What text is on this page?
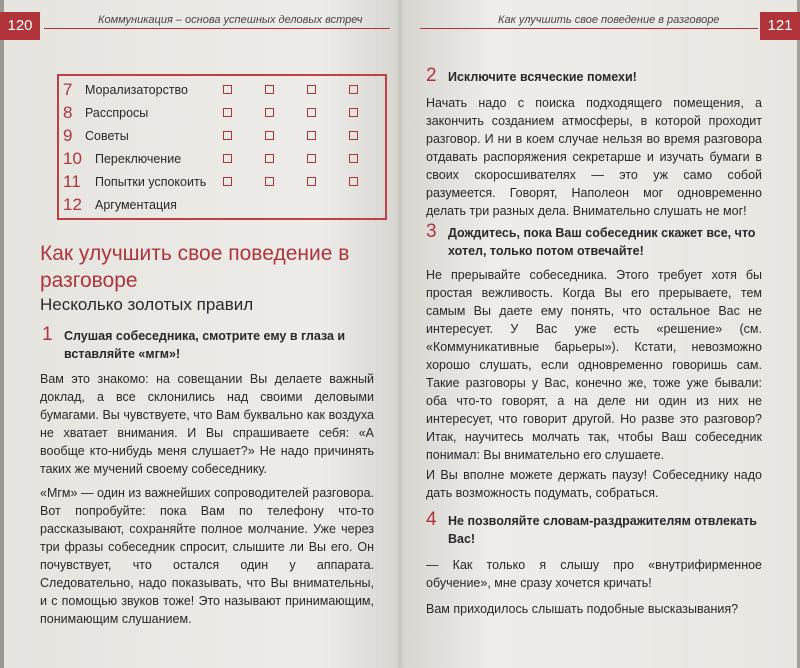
120	Коммуникация – основа успешных деловых встреч
7 Морализаторство
8 Расспросы
9 Советы
10 Переключение
11 Попытки успокоить
12 Аргументация
Как улучшить свое поведение в разговоре
Несколько золотых правил
1 Слушая собеседника, смотрите ему в глаза и вставляйте «мгм»!
Вам это знакомо: на совещании Вы делаете важный доклад, а все склонились над своими деловыми бумагами. Вы чувствуете, что Вам буквально как воздуха не хватает внимания. И Вы спрашиваете себя: «А вообще кто-нибудь меня слушает?» Не надо причинять таких же мучений своему собеседнику.
«Мгм» — один из важнейших сопроводителей разговора. Вот попробуйте: пока Вам по телефону что-то рассказывают, сохраняйте полное молчание. Уже через три фразы собеседник спросит, слышите ли Вы его. Он почувствует, что остался один у аппарата. Следовательно, надо показывать, что Вы внимательны, и с помощью звуков тоже! Это называют принимающим, понимающим слушанием.
121
Как улучшить свое поведение в разговоре
2 Исключите всяческие помехи!
Начать надо с поиска подходящего помещения, а закончить созданием атмосферы, в которой проходит разговор. И ни в коем случае нельзя во время разговора отдавать распоряжения секретарше и изучать бумаги в своих скоросшивателях — это уж само собой разумеется. Говорят, Наполеон мог одновременно делать три разных дела. Внимательно слушать не мог!
3 Дождитесь, пока Ваш собеседник скажет все, что хотел, только потом отвечайте!
Не прерывайте собеседника. Этого требует хотя бы простая вежливость. Когда Вы его прерываете, тем самым Вы даете ему понять, что остальное Вас не интересует. У Вас уже есть «решение» (см. «Коммуникативные барьеры»). Кстати, невозможно хорошо слушать, если одновременно говоришь сам. Такие разговоры у Вас, конечно же, тоже уже бывали: оба что-то говорят, а на деле ни один из них не интересует, что говорит другой. Но разве это разговор? Итак, научитесь молчать так, чтобы Ваш собеседник понимал: Вы внимательно его слушаете.
И Вы вполне можете держать паузу! Собеседнику надо дать возможность подумать, собраться.
4 Не позволяйте словам-раздражителям отвлекать Вас!
— Как только я слышу про «внутрифирменное обучение», мне сразу хочется кричать!
Вам приходилось слышать подобные высказывания?
